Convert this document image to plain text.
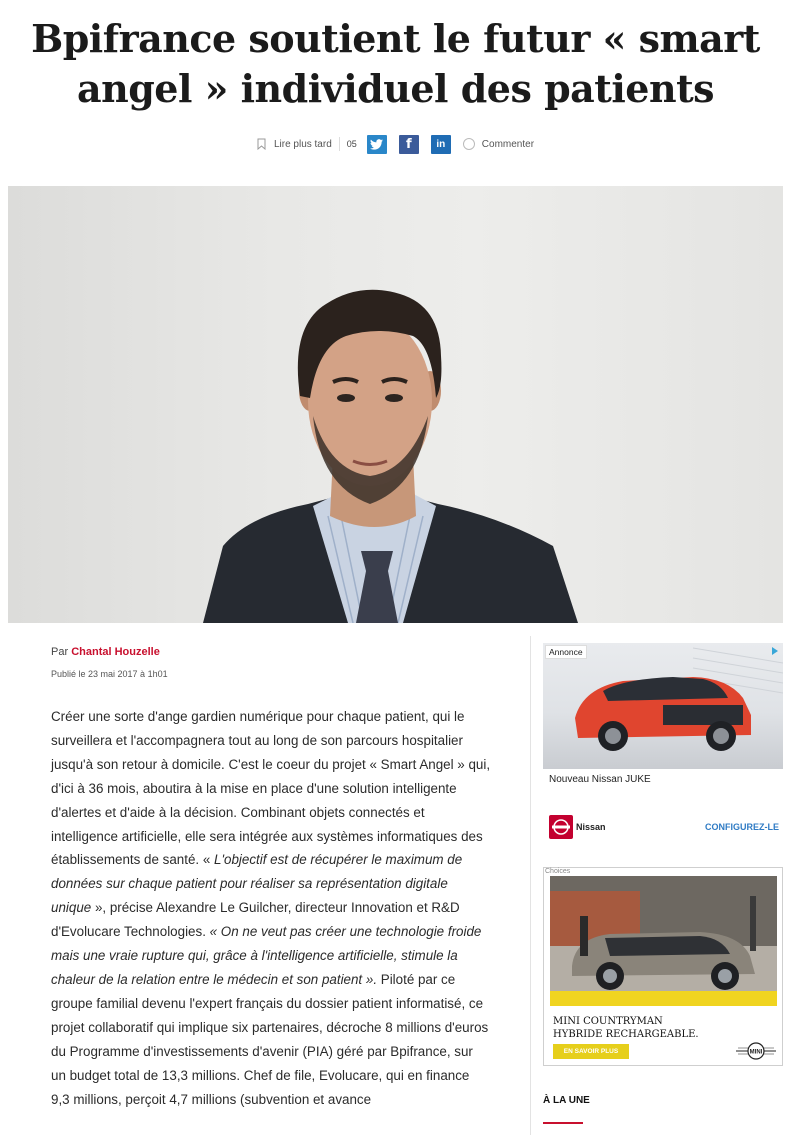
Bpifrance soutient le futur « smart angel » individuel des patients
Lire plus tard 05	f in	Commenter
Par Chantal Houzelle
Publié le 23 mai 2017 à 1h01
Créer une sorte d'ange gardien numérique pour chaque patient, qui le surveillera et l'accompagnera tout au long de son parcours hospitalier jusqu'à son retour à domicile. C'est le coeur du projet « Smart Angel » qui, d'ici à 36 mois, aboutira à la mise en place d'une solution intelligente d'alertes et d'aide à la décision. Combinant objets connectés et intelligence artificielle, elle sera intégrée aux systèmes informatiques des établissements de santé. « L'objectif est de récupérer le maximum de données sur chaque patient pour réaliser sa représentation digitale unique », précise Alexandre Le Guilcher, directeur Innovation et R&D d'Evolucare Technologies. « On ne veut pas créer une technologie froide mais une vraie rupture qui, grâce à l'intelligence artificielle, stimule la chaleur de la relation entre le médecin et son patient ». Piloté par ce groupe familial devenu l'expert français du dossier patient informatisé, ce projet collaboratif qui implique six partenaires, décroche 8 millions d'euros du Programme d'investissements d'avenir (PIA) géré par Bpifrance, sur un budget total de 13,3 millions. Chef de file, Evolucare, qui en finance 9,3 millions, perçoit 4,7 millions (subvention et avance
Annonce
Nouveau Nissan JUKE
Nissan	CONFIGUREZ-LE
Choices
MINI COUNTRYMAN
HYBRIDE RECHARGEABLE.
EN SAVOIR PLUS	MINI
À LA UNE
